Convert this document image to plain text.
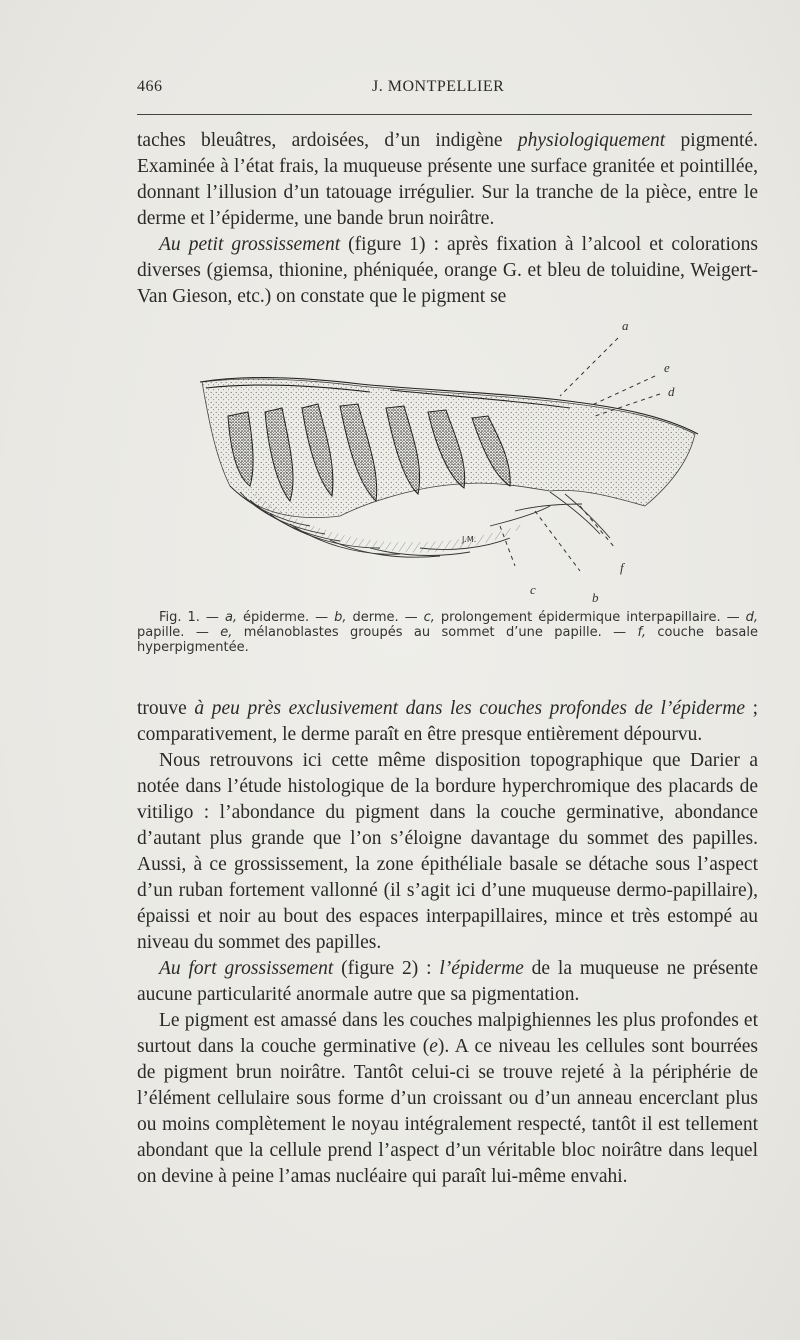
466	J. MONTPELLIER

taches bleuâtres, ardoisées, d’un indigène physiologiquement pigmenté. Examinée à l’état frais, la muqueuse présente une surface granitée et pointillée, donnant l’illusion d’un tatouage irrégulier. Sur la tranche de la pièce, entre le derme et l’épiderme, une bande brun noirâtre.

Au petit grossissement (figure 1) : après fixation à l’alcool et colorations diverses (giemsa, thionine, phéniquée, orange G. et bleu de toluidine, Weigert-Van Gieson, etc.) on constate que le pigment se

a
e
d
f
c
b
J.M.

Fig. 1. — a, épiderme. — b, derme. — c, prolongement épidermique interpapillaire. — d, papille. — e, mélanoblastes groupés au sommet d’une papille. — f, couche basale hyperpigmentée.

trouve à peu près exclusivement dans les couches profondes de l’épiderme ; comparativement, le derme paraît en être presque entièrement dépourvu.

Nous retrouvons ici cette même disposition topographique que Darier a notée dans l’étude histologique de la bordure hyperchromique des placards de vitiligo : l’abondance du pigment dans la couche germinative, abondance d’autant plus grande que l’on s’éloigne davantage du sommet des papilles. Aussi, à ce grossissement, la zone épithéliale basale se détache sous l’aspect d’un ruban fortement vallonné (il s’agit ici d’une muqueuse dermo-papillaire), épaissi et noir au bout des espaces interpapillaires, mince et très estompé au niveau du sommet des papilles.

Au fort grossissement (figure 2) : l’épiderme de la muqueuse ne présente aucune particularité anormale autre que sa pigmentation.

Le pigment est amassé dans les couches malpighiennes les plus profondes et surtout dans la couche germinative (e). A ce niveau les cellules sont bourrées de pigment brun noirâtre. Tantôt celui-ci se trouve rejeté à la périphérie de l’élément cellulaire sous forme d’un croissant ou d’un anneau encerclant plus ou moins complètement le noyau intégralement respecté, tantôt il est tellement abondant que la cellule prend l’aspect d’un véritable bloc noirâtre dans lequel on devine à peine l’amas nucléaire qui paraît lui-même envahi.
